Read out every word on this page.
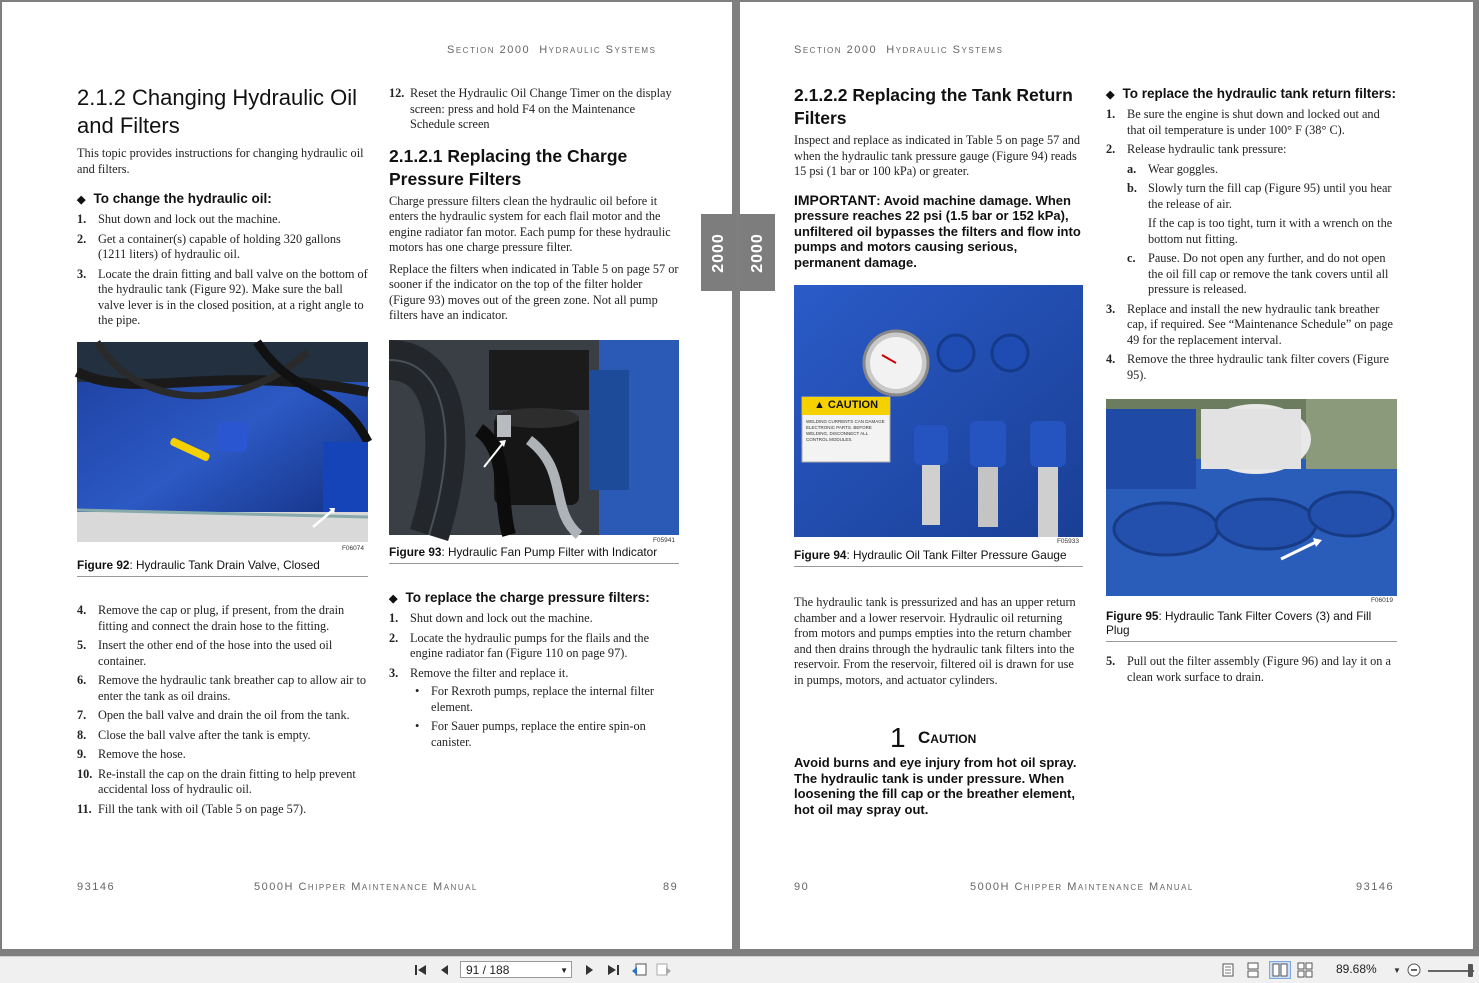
Section 2000 Hydraulic Systems
2.1.2 Changing Hydraulic Oil and Filters
This topic provides instructions for changing hydraulic oil and filters.
◆ To change the hydraulic oil:
1. Shut down and lock out the machine.
2. Get a container(s) capable of holding 320 gallons (1211 liters) of hydraulic oil.
3. Locate the drain fitting and ball valve on the bottom of the hydraulic tank (Figure 92). Make sure the ball valve lever is in the closed position, at a right angle to the pipe.
F06074
Figure 92: Hydraulic Tank Drain Valve, Closed
4. Remove the cap or plug, if present, from the drain fitting and connect the drain hose to the fitting.
5. Insert the other end of the hose into the used oil container.
6. Remove the hydraulic tank breather cap to allow air to enter the tank as oil drains.
7. Open the ball valve and drain the oil from the tank.
8. Close the ball valve after the tank is empty.
9. Remove the hose.
10. Re-install the cap on the drain fitting to help prevent accidental loss of hydraulic oil.
11. Fill the tank with oil (Table 5 on page 57).
12. Reset the Hydraulic Oil Change Timer on the display screen: press and hold F4 on the Maintenance Schedule screen
2.1.2.1 Replacing the Charge Pressure Filters
Charge pressure filters clean the hydraulic oil before it enters the hydraulic system for each flail motor and the engine radiator fan motor. Each pump for these hydraulic motors has one charge pressure filter.
Replace the filters when indicated in Table 5 on page 57 or sooner if the indicator on the top of the filter holder (Figure 93) moves out of the green zone. Not all pump filters have an indicator.
F05941
Figure 93: Hydraulic Fan Pump Filter with Indicator
◆ To replace the charge pressure filters:
1. Shut down and lock out the machine.
2. Locate the hydraulic pumps for the flails and the engine radiator fan (Figure 110 on page 97).
3. Remove the filter and replace it.
• For Rexroth pumps, replace the internal filter element.
• For Sauer pumps, replace the entire spin-on canister.
93146	5000H Chipper Maintenance Manual	89
2000 2000
Section 2000 Hydraulic Systems
2.1.2.2 Replacing the Tank Return Filters
Inspect and replace as indicated in Table 5 on page 57 and when the hydraulic tank pressure gauge (Figure 94) reads 15 psi (1 bar or 100 kPa) or greater.
IMPORTANT: Avoid machine damage. When pressure reaches 22 psi (1.5 bar or 152 kPa), unfiltered oil bypasses the filters and flow into pumps and motors causing serious, permanent damage.
▲ CAUTION
WELDING CURRENTS CAN DAMAGE ELECTRONIC PARTS. BEFORE WELDING, DISCONNECT ALL CONTROL MODULES.
F05933
Figure 94: Hydraulic Oil Tank Filter Pressure Gauge
The hydraulic tank is pressurized and has an upper return chamber and a lower reservoir. Hydraulic oil returning from motors and pumps empties into the return chamber and then drains through the hydraulic tank filters into the reservoir. From the reservoir, filtered oil is drawn for use in pumps, motors, and actuator cylinders.
1 Caution
Avoid burns and eye injury from hot oil spray. The hydraulic tank is under pressure. When loosening the fill cap or the breather element, hot oil may spray out.
◆ To replace the hydraulic tank return filters:
1. Be sure the engine is shut down and locked out and that oil temperature is under 100° F (38° C).
2. Release hydraulic tank pressure:
a. Wear goggles.
b. Slowly turn the fill cap (Figure 95) until you hear the release of air.
If the cap is too tight, turn it with a wrench on the bottom nut fitting.
c. Pause. Do not open any further, and do not open the oil fill cap or remove the tank covers until all pressure is released.
3. Replace and install the new hydraulic tank breather cap, if required. See “Maintenance Schedule” on page 49 for the replacement interval.
4. Remove the three hydraulic tank filter covers (Figure 95).
F06019
Figure 95: Hydraulic Tank Filter Covers (3) and Fill Plug
5. Pull out the filter assembly (Figure 96) and lay it on a clean work surface to drain.
90	5000H Chipper Maintenance Manual	93146
91 / 188	▼	89.68% ▼
